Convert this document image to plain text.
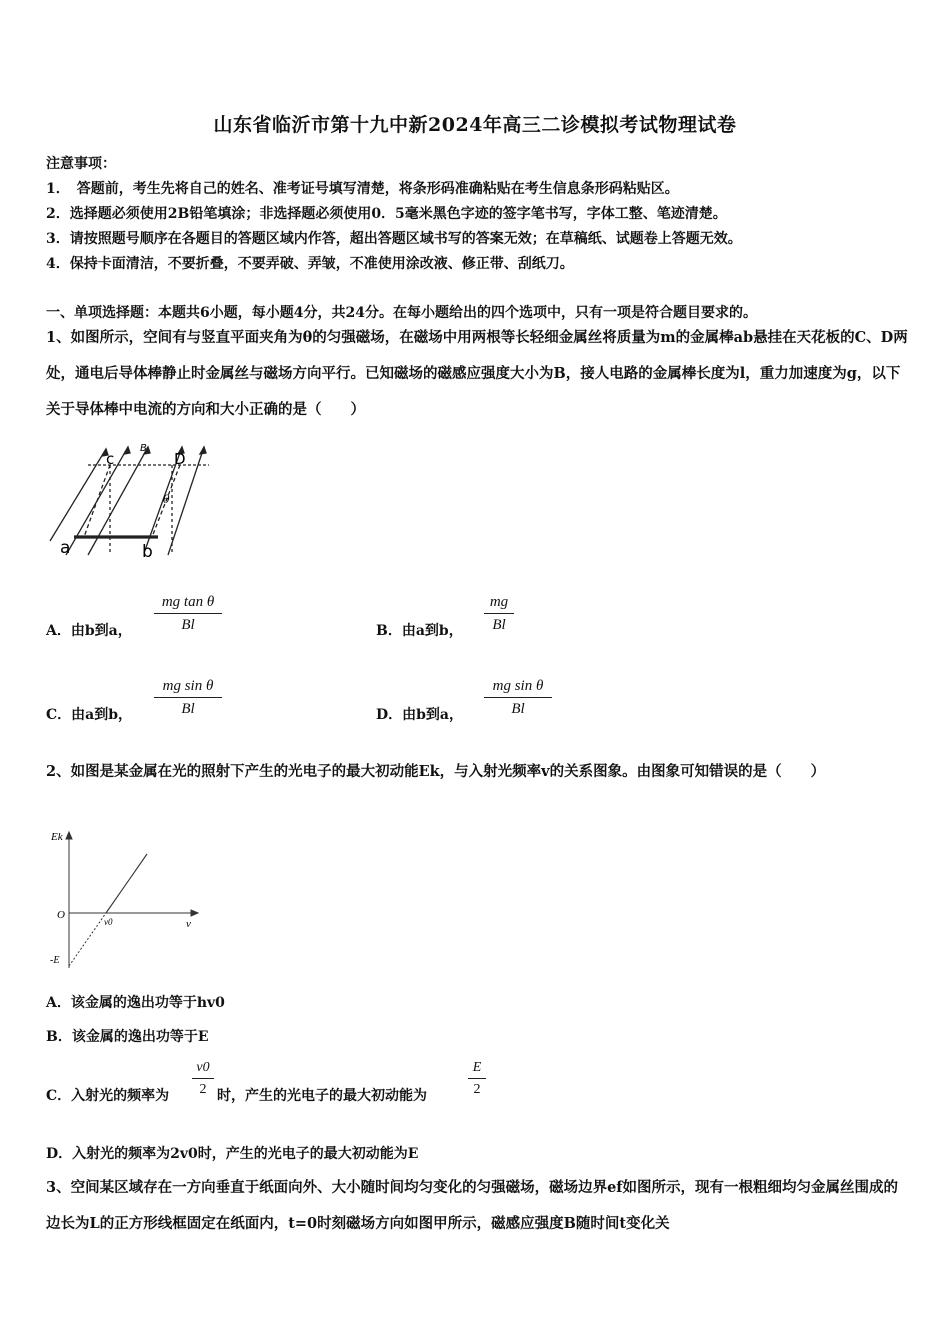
山东省临沂市第十九中新2024年高三二诊模拟考试物理试卷
注意事项：
1．　答题前，考生先将自己的姓名、准考证号填写清楚，将条形码准确粘贴在考生信息条形码粘贴区。
2．选择题必须使用2B铅笔填涂；非选择题必须使用0．5毫米黑色字迹的签字笔书写，字体工整、笔迹清楚。
3．请按照题号顺序在各题目的答题区域内作答，超出答题区域书写的答案无效；在草稿纸、试题卷上答题无效。
4．保持卡面清洁，不要折叠，不要弄破、弄皱，不准使用涂改液、修正带、刮纸刀。
一、单项选择题：本题共6小题，每小题4分，共24分。在每小题给出的四个选项中，只有一项是符合题目要求的。
1、如图所示，空间有与竖直平面夹角为θ的匀强磁场，在磁场中用两根等长轻细金属丝将质量为m的金属棒ab悬挂在天花板的C、D两处，通电后导体棒静止时金属丝与磁场方向平行。已知磁场的磁感应强度大小为B，接人电路的金属棒长度为l，重力加速度为g，以下关于导体棒中电流的方向和大小正确的是（　　）
c	D
B
θ
a	b
A．由b到a，
mg tan θ
Bl	B．由a到b，
mg
Bl
C．由a到b，
mg sin θ
Bl	D．由b到a，
mg sin θ
Bl
2、如图是某金属在光的照射下产生的光电子的最大初动能Ek，与入射光频率v的关系图象。由图象可知错误的是（　　）
Ek
v
O
v0
-E
A．该金属的逸出功等于hv0
B．该金属的逸出功等于E
C．入射光的频率为
v0
2 时，产生的光电子的最大初动能为
E
2
D．入射光的频率为2v0时，产生的光电子的最大初动能为E
3、空间某区域存在一方向垂直于纸面向外、大小随时间均匀变化的匀强磁场，磁场边界ef如图所示，现有一根粗细均匀金属丝围成的边长为L的正方形线框固定在纸面内，t=0时刻磁场方向如图甲所示，磁感应强度B随时间t变化关
